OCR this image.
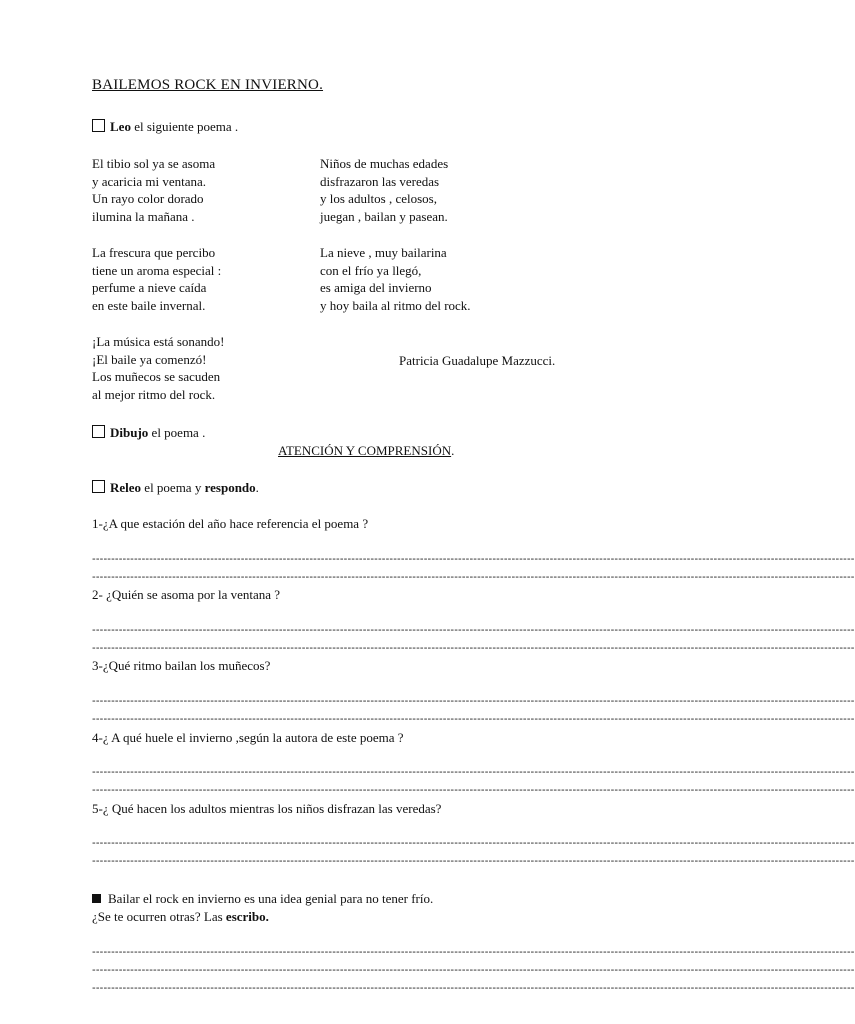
BAILEMOS ROCK EN INVIERNO.
Leo el siguiente poema .
El tibio sol ya se asoma
y acaricia mi ventana.
Un rayo color dorado
ilumina la mañana .
La frescura que percibo
tiene un aroma especial :
perfume a nieve caída
en este baile invernal.
¡La música está sonando!
¡El baile ya comenzó!
Los muñecos se sacuden
al mejor ritmo del rock.
Niños de muchas edades
disfrazaron las veredas
y los adultos , celosos,
juegan , bailan y pasean.
La nieve , muy bailarina
con el frío ya llegó,
es amiga del invierno
y hoy baila al ritmo del rock.
Patricia Guadalupe Mazzucci.
Dibujo el poema .
ATENCIÓN Y COMPRENSIÓN.
Releo el poema y respondo.
1-¿A que estación del año hace referencia el poema ?
--------------------------------------------------------------------------------------------------------------------------------------------------------------------------------------------------------
--------------------------------------------------------------------------------------------------------------------------------------------------------------------------------------------------------
2- ¿Quién se asoma por la ventana ?
--------------------------------------------------------------------------------------------------------------------------------------------------------------------------------------------------------
--------------------------------------------------------------------------------------------------------------------------------------------------------------------------------------------------------
3-¿Qué ritmo bailan los muñecos?
--------------------------------------------------------------------------------------------------------------------------------------------------------------------------------------------------------
--------------------------------------------------------------------------------------------------------------------------------------------------------------------------------------------------------
4-¿ A qué huele el invierno ,según la autora de este poema ?
--------------------------------------------------------------------------------------------------------------------------------------------------------------------------------------------------------
--------------------------------------------------------------------------------------------------------------------------------------------------------------------------------------------------------
5-¿ Qué hacen los adultos mientras los niños disfrazan las veredas?
--------------------------------------------------------------------------------------------------------------------------------------------------------------------------------------------------------
--------------------------------------------------------------------------------------------------------------------------------------------------------------------------------------------------------
Bailar el rock en invierno es una idea genial para no tener frío.
¿Se te ocurren otras? Las escribo.
--------------------------------------------------------------------------------------------------------------------------------------------------------------------------------------------------------
--------------------------------------------------------------------------------------------------------------------------------------------------------------------------------------------------------
--------------------------------------------------------------------------------------------------------------------------------------------------------------------------------------------------------
